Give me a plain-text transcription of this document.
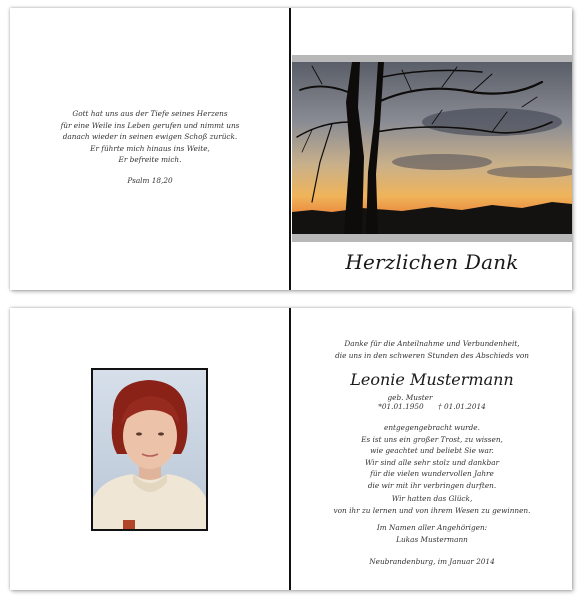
Gott hat uns aus der Tiefe seines Herzens
für eine Weile ins Leben gerufen und nimmt uns
danach wieder in seinen ewigen Schoß zurück.
Er führte mich hinaus ins Weite,
Er befreite mich.
Psalm 18,20
Herzlichen Dank
Danke für die Anteilnahme und Verbundenheit,
die uns in den schweren Stunden des Abschieds von
Leonie Mustermann
geb. Muster
*01.01.1950 † 01.01.2014
entgegengebracht wurde.
Es ist uns ein großer Trost, zu wissen,
wie geachtet und beliebt Sie war.
Wir sind alle sehr stolz und dankbar
für die vielen wundervollen Jahre
die wir mit ihr verbringen durften.
Wir hatten das Glück,
von ihr zu lernen und von ihrem Wesen zu gewinnen.
Im Namen aller Angehörigen:
Lukas Mustermann
Neubrandenburg, im Januar 2014
